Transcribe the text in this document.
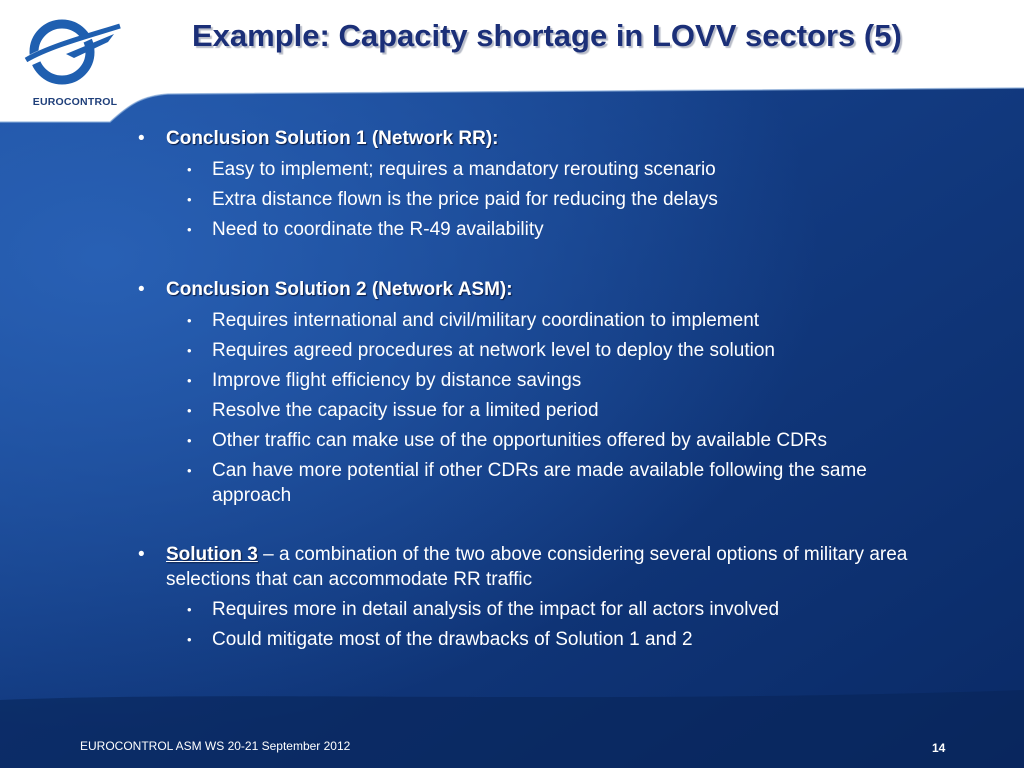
EUROCONTROL
Example: Capacity shortage in LOVV sectors (5)
• Conclusion Solution 1 (Network RR):
• Easy to implement; requires a mandatory rerouting scenario
• Extra distance flown is the price paid for reducing the delays
• Need to coordinate the R-49 availability
• Conclusion Solution 2 (Network ASM):
• Requires international and civil/military coordination to implement
• Requires agreed procedures at network level to deploy the solution
• Improve flight efficiency by distance savings
• Resolve the capacity issue for a limited period
• Other traffic can make use of the opportunities offered by available CDRs
• Can have more potential if other CDRs are made available following the same approach
• Solution 3 – a combination of the two above considering several options of military area selections that can accommodate RR traffic
• Requires more in detail analysis of the impact for all actors involved
• Could mitigate most of the drawbacks of Solution 1 and 2
EUROCONTROL ASM WS 20-21 September 2012	14
